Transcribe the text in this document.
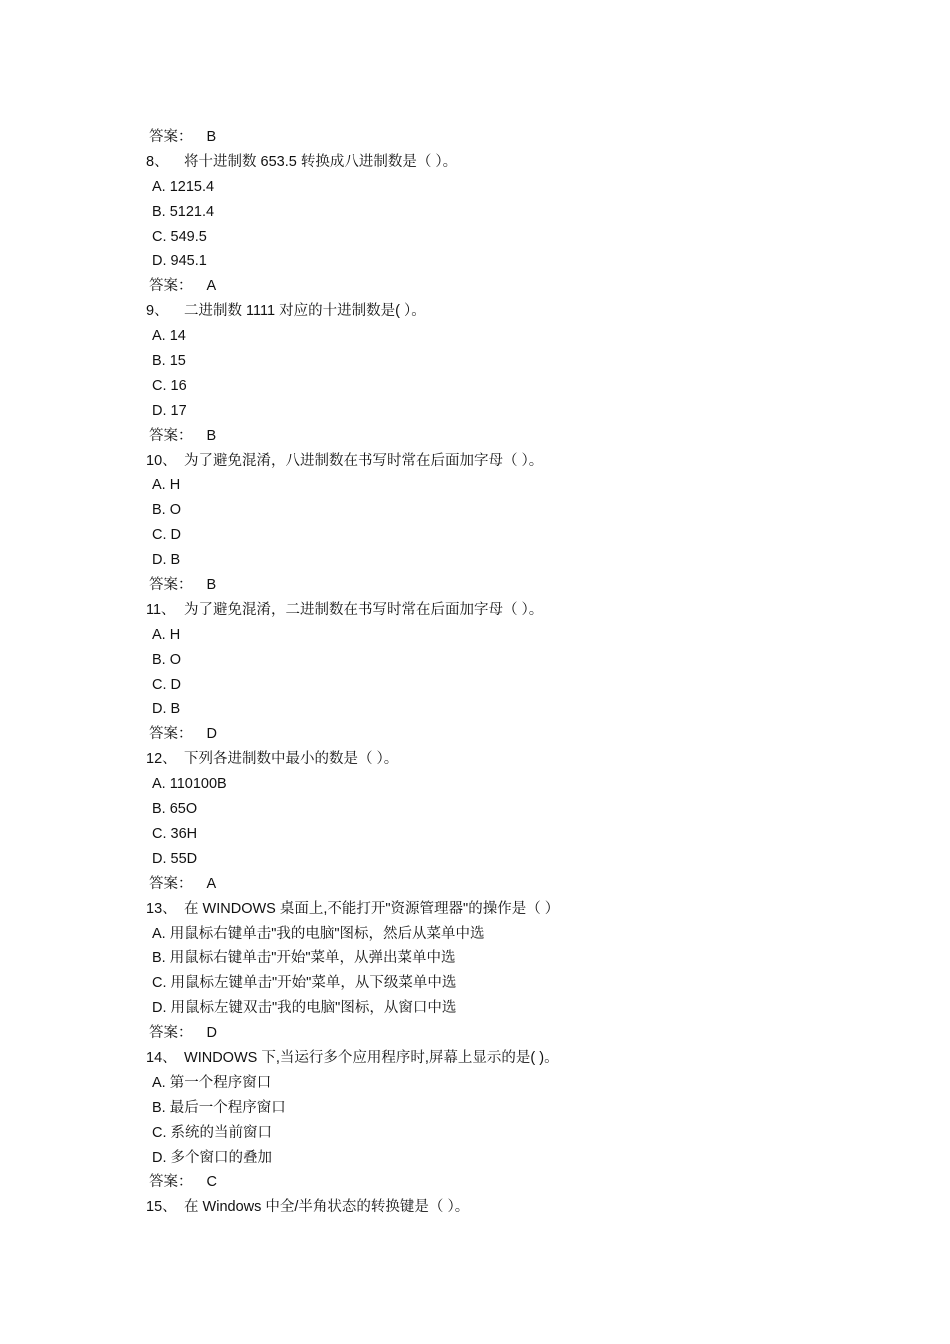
答案： B
8、 将十进制数 653.5 转换成八进制数是（ ）。
A. 1215.4
B. 5121.4
C. 549.5
D. 945.1
答案： A
9、 二进制数 1111 对应的十进制数是( ）。
A. 14
B. 15
C. 16
D. 17
答案： B
10、 为了避免混淆，八进制数在书写时常在后面加字母（ ）。
A. H
B. O
C. D
D. B
答案： B
11、 为了避免混淆，二进制数在书写时常在后面加字母（ ）。
A. H
B. O
C. D
D. B
答案： D
12、 下列各进制数中最小的数是（ ）。
A. 110100B
B. 65O
C. 36H
D. 55D
答案： A
13、 在 WINDOWS 桌面上,不能打开"资源管理器"的操作是（ ）
A. 用鼠标右键单击"我的电脑"图标，然后从菜单中选
B. 用鼠标右键单击"开始"菜单，从弹出菜单中选
C. 用鼠标左键单击"开始"菜单，从下级菜单中选
D. 用鼠标左键双击"我的电脑"图标，从窗口中选
答案： D
14、 WINDOWS 下,当运行多个应用程序时,屏幕上显示的是( )。
A. 第一个程序窗口
B. 最后一个程序窗口
C. 系统的当前窗口
D. 多个窗口的叠加
答案： C
15、 在 Windows 中全/半角状态的转换键是（ ）。
